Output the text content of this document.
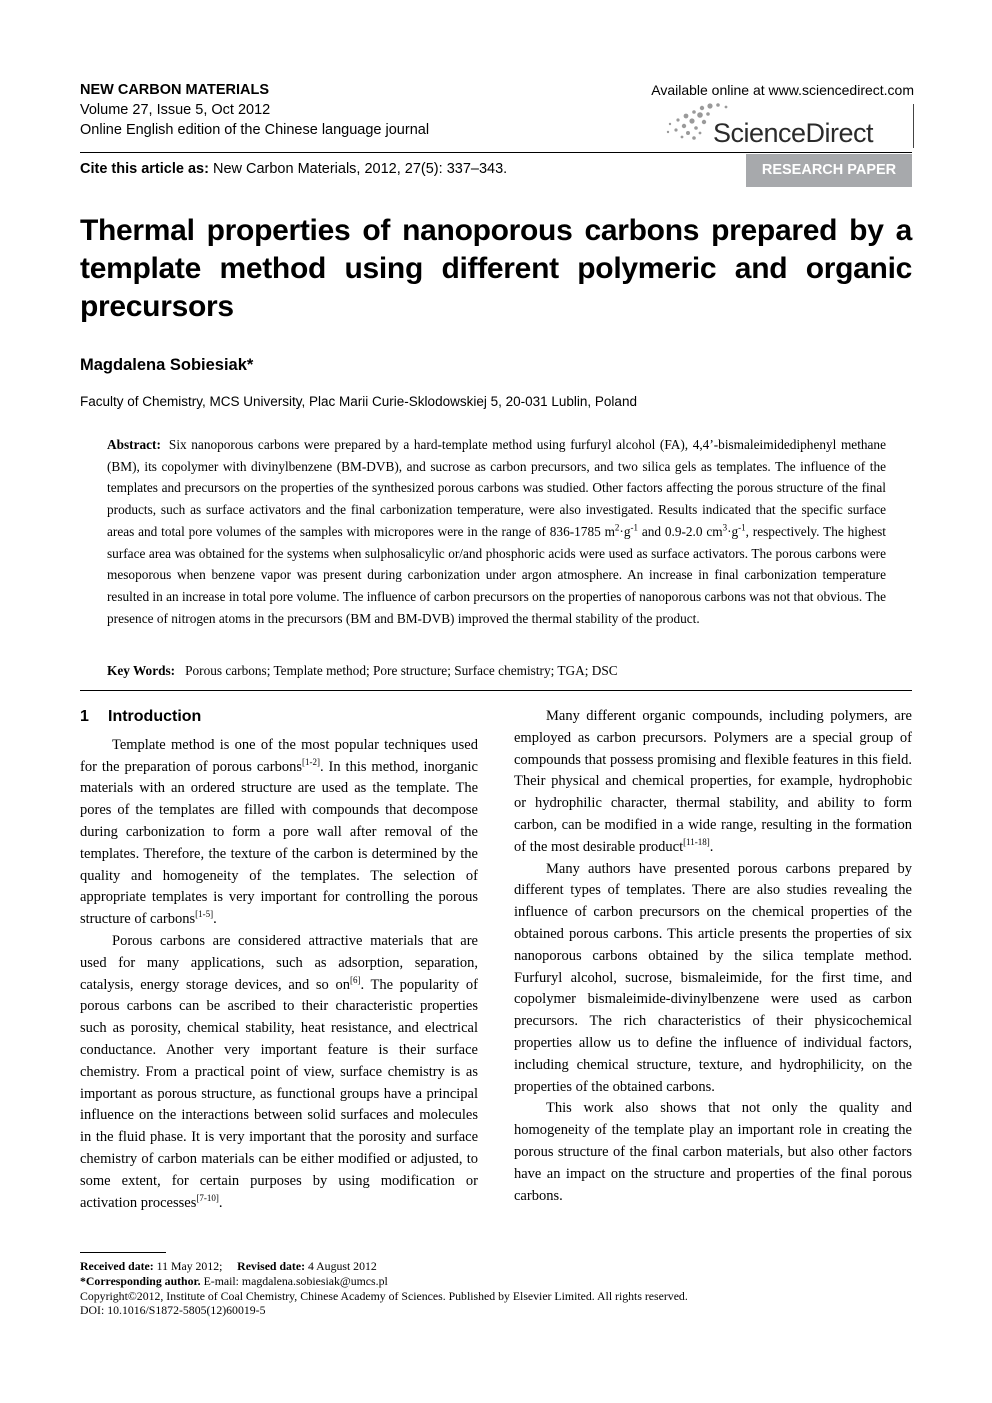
NEW CARBON MATERIALS
Volume 27, Issue 5, Oct 2012
Online English edition of the Chinese language journal
Available online at www.sciencedirect.com
ScienceDirect
Cite this article as: New Carbon Materials, 2012, 27(5): 337–343.	RESEARCH PAPER
Thermal properties of nanoporous carbons prepared by a template method using different polymeric and organic precursors
Magdalena Sobiesiak*
Faculty of Chemistry, MCS University, Plac Marii Curie-Sklodowskiej 5, 20-031 Lublin, Poland
Abstract: Six nanoporous carbons were prepared by a hard-template method using furfuryl alcohol (FA), 4,4’-bismaleimidediphenyl methane (BM), its copolymer with divinylbenzene (BM-DVB), and sucrose as carbon precursors, and two silica gels as templates. The influence of the templates and precursors on the properties of the synthesized porous carbons was studied. Other factors affecting the porous structure of the final products, such as surface activators and the final carbonization temperature, were also investigated. Results indicated that the specific surface areas and total pore volumes of the samples with micropores were in the range of 836-1785 $m^2\cdot g^{-1}$ and 0.9-2.0 $cm^3\cdot g^{-1}$, respectively. The highest surface area was obtained for the systems when sulphosalicylic or/and phosphoric acids were used as surface activators. The porous carbons were mesoporous when benzene vapor was present during carbonization under argon atmosphere. An increase in final carbonization temperature resulted in an increase in total pore volume. The influence of carbon precursors on the properties of nanoporous carbons was not that obvious. The presence of nitrogen atoms in the precursors (BM and BM-DVB) improved the thermal stability of the product.
Key Words: Porous carbons; Template method; Pore structure; Surface chemistry; TGA; DSC
1 Introduction

Template method is one of the most popular techniques used for the preparation of porous carbons[1-2]. In this method, inorganic materials with an ordered structure are used as the template. The pores of the templates are filled with compounds that decompose during carbonization to form a pore wall after removal of the templates. Therefore, the texture of the carbon is determined by the quality and homogeneity of the templates. The selection of appropriate templates is very important for controlling the porous structure of carbons[1-5].

Porous carbons are considered attractive materials that are used for many applications, such as adsorption, separation, catalysis, energy storage devices, and so on[6]. The popularity of porous carbons can be ascribed to their characteristic properties such as porosity, chemical stability, heat resistance, and electrical conductance. Another very important feature is their surface chemistry. From a practical point of view, surface chemistry is as important as porous structure, as functional groups have a principal influence on the interactions between solid surfaces and molecules in the fluid phase. It is very important that the porosity and surface chemistry of carbon materials can be either modified or adjusted, to some extent, for certain purposes by using modification or activation processes[7-10].

Many different organic compounds, including polymers, are employed as carbon precursors. Polymers are a special group of compounds that possess promising and flexible features in this field. Their physical and chemical properties, for example, hydrophobic or hydrophilic character, thermal stability, and ability to form carbon, can be modified in a wide range, resulting in the formation of the most desirable product[11-18].

Many authors have presented porous carbons prepared by different types of templates. There are also studies revealing the influence of carbon precursors on the chemical properties of the obtained porous carbons. This article presents the properties of six nanoporous carbons obtained by the silica template method. Furfuryl alcohol, sucrose, bismaleimide, for the first time, and copolymer bismaleimide-divinylbenzene were used as carbon precursors. The rich characteristics of their physicochemical properties allow us to define the influence of individual factors, including chemical structure, texture, and hydrophilicity, on the properties of the obtained carbons.

This work also shows that not only the quality and homogeneity of the template play an important role in creating the porous structure of the final carbon materials, but also other factors have an impact on the structure and properties of the final porous carbons.

Received date: 11 May 2012; Revised date: 4 August 2012
*Corresponding author. E-mail: magdalena.sobiesiak@umcs.pl
Copyright©2012, Institute of Coal Chemistry, Chinese Academy of Sciences. Published by Elsevier Limited. All rights reserved.
DOI: 10.1016/S1872-5805(12)60019-5
